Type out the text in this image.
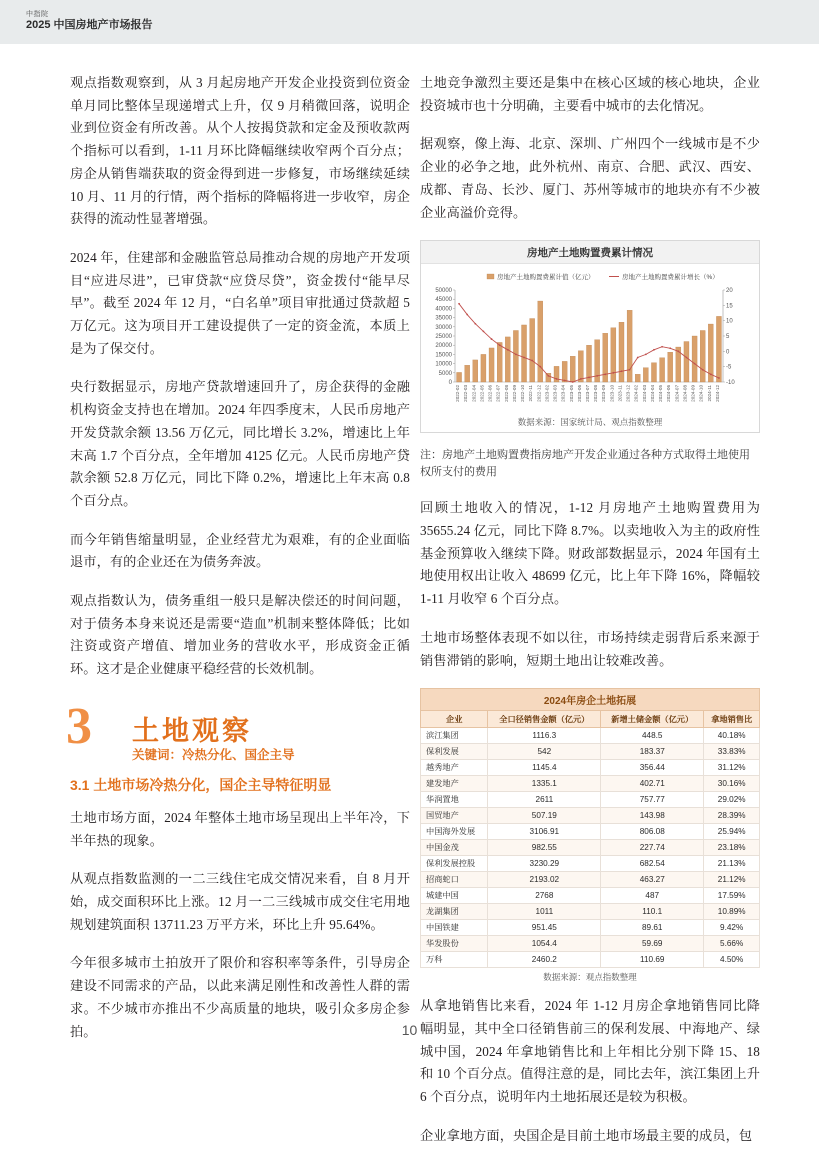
中指院
2025 中国房地产市场报告

观点指数观察到，从 3 月起房地产开发企业投资到位资金单月同比整体呈现递增式上升，仅 9 月稍微回落，说明企业到位资金有所改善。从个人按揭贷款和定金及预收款两个指标可以看到，1-11 月环比降幅继续收窄两个百分点；房企从销售端获取的资金得到进一步修复，市场继续延续 10 月、11 月的行情，两个指标的降幅将进一步收窄，房企获得的流动性显著增强。

2024 年，住建部和金融监管总局推动合规的房地产开发项目“应进尽进”，已审贷款“应贷尽贷”，资金拨付“能早尽早”。截至 2024 年 12 月，“白名单”项目审批通过贷款超 5 万亿元。这为项目开工建设提供了一定的资金流，本质上是为了保交付。

央行数据显示，房地产贷款增速回升了，房企获得的金融机构资金支持也在增加。2024 年四季度末，人民币房地产开发贷款余额 13.56 万亿元，同比增长 3.2%，增速比上年末高 1.7 个百分点，全年增加 4125 亿元。人民币房地产贷款余额 52.8 万亿元，同比下降 0.2%，增速比上年末高 0.8 个百分点。

而今年销售缩量明显，企业经营尤为艰难，有的企业面临退市，有的企业还在为债务奔波。

观点指数认为，债务重组一般只是解决偿还的时间问题，对于债务本身来说还是需要“造血”机制来整体降低；比如注资或资产增值、增加业务的营收水平，形成资金正循环。这才是企业健康平稳经营的长效机制。

3 土地观察
关键词：冷热分化、国企主导
3.1 土地市场冷热分化，国企主导特征明显

土地市场方面，2024 年整体土地市场呈现出上半年冷，下半年热的现象。

从观点指数监测的一二三线住宅成交情况来看，自 8 月开始，成交面积环比上涨。12 月一二三线城市成交住宅用地规划建筑面积 13711.23 万平方米，环比上升 95.64%。

今年很多城市土拍放开了限价和容积率等条件，引导房企建设不同需求的产品，以此来满足刚性和改善性人群的需求。不少城市亦推出不少高质量的地块，吸引众多房企参拍。

土地竞争激烈主要还是集中在核心区域的核心地块，企业投资城市也十分明确，主要看中城市的去化情况。

据观察，像上海、北京、深圳、广州四个一线城市是不少企业的必争之地，此外杭州、南京、合肥、武汉、西安、成都、青岛、长沙、厦门、苏州等城市的地块亦有不少被企业高溢价竞得。

房地产土地购置费累计情况
0
5000
10000
15000
20000
25000
30000
35000
40000
45000
50000
-10
-5
0
5
10
15
20
2022-02 2022-03 2022-04 2022-05 2022-06 2022-07 2022-08 2022-09 2022-10 2022-11 2022-12 2023-02 2023-03 2023-04 2023-05 2023-06 2023-07 2023-08 2023-09 2023-10 2023-11 2023-12 2024-02 2024-03 2024-04 2024-05 2024-06 2024-07 2024-08 2024-09 2024-10 2024-11 2024-12
房地产土地购置费累计值（亿元）	房地产土地购置费累计增长（%）
数据来源：国家统计局、观点指数整理
注：房地产土地购置费指房地产开发企业通过各种方式取得土地使用权所支付的费用

回顾土地收入的情况，1-12 月房地产土地购置费用为 35655.24 亿元，同比下降 8.7%。以卖地收入为主的政府性基金预算收入继续下降。财政部数据显示，2024 年国有土地使用权出让收入 48699 亿元，比上年下降 16%，降幅较 1-11 月收窄 6 个百分点。

土地市场整体表现不如以往，市场持续走弱背后系来源于销售滞销的影响，短期土地出让较难改善。

2024年房企土地拓展
企业	全口径销售金额（亿元）	新增土储金额（亿元）	拿地销售比
滨江集团	1116.3	448.5	40.18%
保利发展	542	183.37	33.83%
越秀地产	1145.4	356.44	31.12%
建发地产	1335.1	402.71	30.16%
华润置地	2611	757.77	29.02%
国贸地产	507.19	143.98	28.39%
中国海外发展	3106.91	806.08	25.94%
中国金茂	982.55	227.74	23.18%
保利发展控股	3230.29	682.54	21.13%
招商蛇口	2193.02	463.27	21.12%
城建中国	2768	487	17.59%
龙湖集团	1011	110.1	10.89%
中国铁建	951.45	89.61	9.42%
华发股份	1054.4	59.69	5.66%
万科	2460.2	110.69	4.50%
数据来源：观点指数整理

从拿地销售比来看，2024 年 1-12 月房企拿地销售同比降幅明显，其中全口径销售前三的保利发展、中海地产、绿城中国，2024 年拿地销售比和上年相比分别下降 15、18 和 10 个百分点。值得注意的是，同比去年，滨江集团上升 6 个百分点，说明年内土地拓展还是较为积极。

企业拿地方面，央国企是目前土地市场最主要的成员，包

10
